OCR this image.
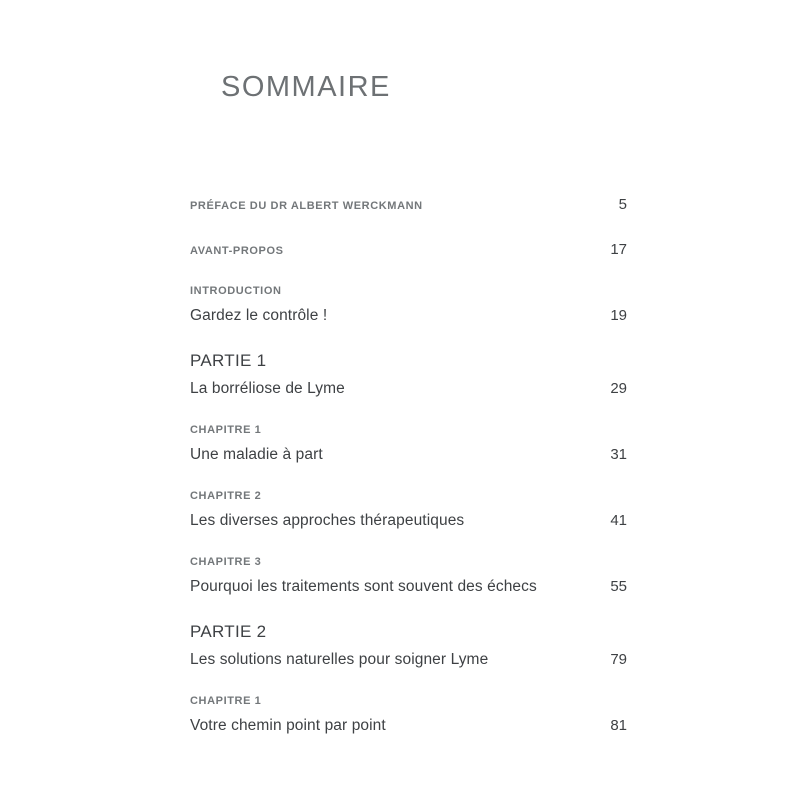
SOMMAIRE
PRÉFACE DU DR ALBERT WERCKMANN	5
AVANT-PROPOS	17
INTRODUCTION
Gardez le contrôle !	19
PARTIE 1
La borréliose de Lyme	29
CHAPITRE 1
Une maladie à part	31
CHAPITRE 2
Les diverses approches thérapeutiques	41
CHAPITRE 3
Pourquoi les traitements sont souvent des échecs	55
PARTIE 2
Les solutions naturelles pour soigner Lyme	79
CHAPITRE 1
Votre chemin point par point	81
